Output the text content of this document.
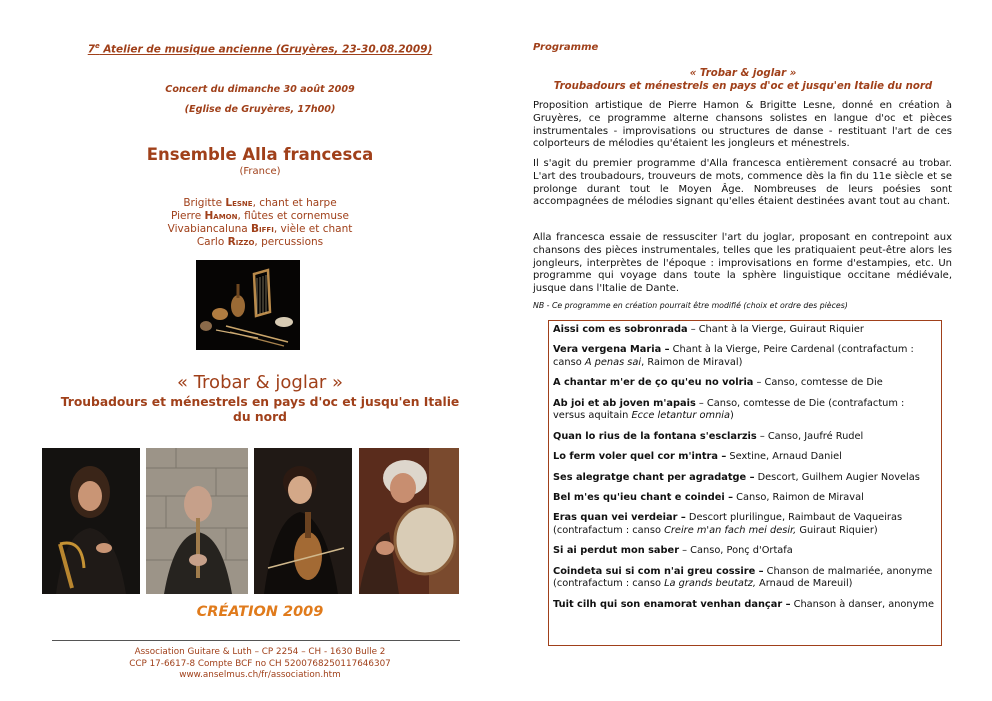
7e Atelier de musique ancienne (Gruyères, 23-30.08.2009)
Concert du dimanche 30 août 2009
(Eglise de Gruyères, 17h00)
Ensemble Alla francesca
(France)
Brigitte Lesne, chant et harpe
Pierre Hamon, flûtes et cornemuse
Vivabiancaluna Biffi, vièle et chant
Carlo Rizzo, percussions
« Trobar & joglar »
Troubadours et ménestrels en pays d'oc et jusqu'en Italie du nord
CRÉATION 2009
Association Guitare & Luth – CP 2254 – CH - 1630 Bulle 2
CCP 17-6617-8 Compte BCF no CH 5200768250117646307
www.anselmus.ch/fr/association.htm
Programme
« Trobar & joglar »
Troubadours et ménestrels en pays d'oc et jusqu'en Italie du nord
Proposition artistique de Pierre Hamon & Brigitte Lesne, donné en création à Gruyères, ce programme alterne chansons solistes en langue d'oc et pièces instrumentales - improvisations ou structures de danse - restituant l'art de ces colporteurs de mélodies qu'étaient les jongleurs et ménestrels.
Il s'agit du premier programme d'Alla francesca entièrement consacré au trobar. L'art des troubadours, trouveurs de mots, commence dès la fin du 11e siècle et se prolonge durant tout le Moyen Âge. Nombreuses de leurs poésies sont accompagnées de mélodies signant qu'elles étaient destinées avant tout au chant.
Alla francesca essaie de ressusciter l'art du joglar, proposant en contrepoint aux chansons des pièces instrumentales, telles que les pratiquaient peut-être alors les jongleurs, interprètes de l'époque : improvisations en forme d'estampies, etc. Un programme qui voyage dans toute la sphère linguistique occitane médiévale, jusque dans l'Italie de Dante.
NB - Ce programme en création pourrait être modifié (choix et ordre des pièces)
Aissi com es sobronrada – Chant à la Vierge, Guiraut Riquier
Vera vergena Maria – Chant à la Vierge, Peire Cardenal (contrafactum : canso A penas sai, Raimon de Miraval)
A chantar m'er de ço qu'eu no volria – Canso, comtesse de Die
Ab joi et ab joven m'apais – Canso, comtesse de Die (contrafactum : versus aquitain Ecce letantur omnia)
Quan lo rius de la fontana s'esclarzis – Canso, Jaufré Rudel
Lo ferm voler quel cor m'intra – Sextine, Arnaud Daniel
Ses alegratge chant per agradatge – Descort, Guilhem Augier Novelas
Bel m'es qu'ieu chant e coindei – Canso, Raimon de Miraval
Eras quan vei verdeiar – Descort plurilingue, Raimbaut de Vaqueiras (contrafactum : canso Creire m'an fach mei desir, Guiraut Riquier)
Si ai perdut mon saber – Canso, Ponç d'Ortafa
Coindeta sui si com n'ai greu cossire – Chanson de malmariée, anonyme (contrafactum : canso La grands beutatz, Arnaud de Mareuil)
Tuit cilh qui son enamorat venhan dançar – Chanson à danser, anonyme
